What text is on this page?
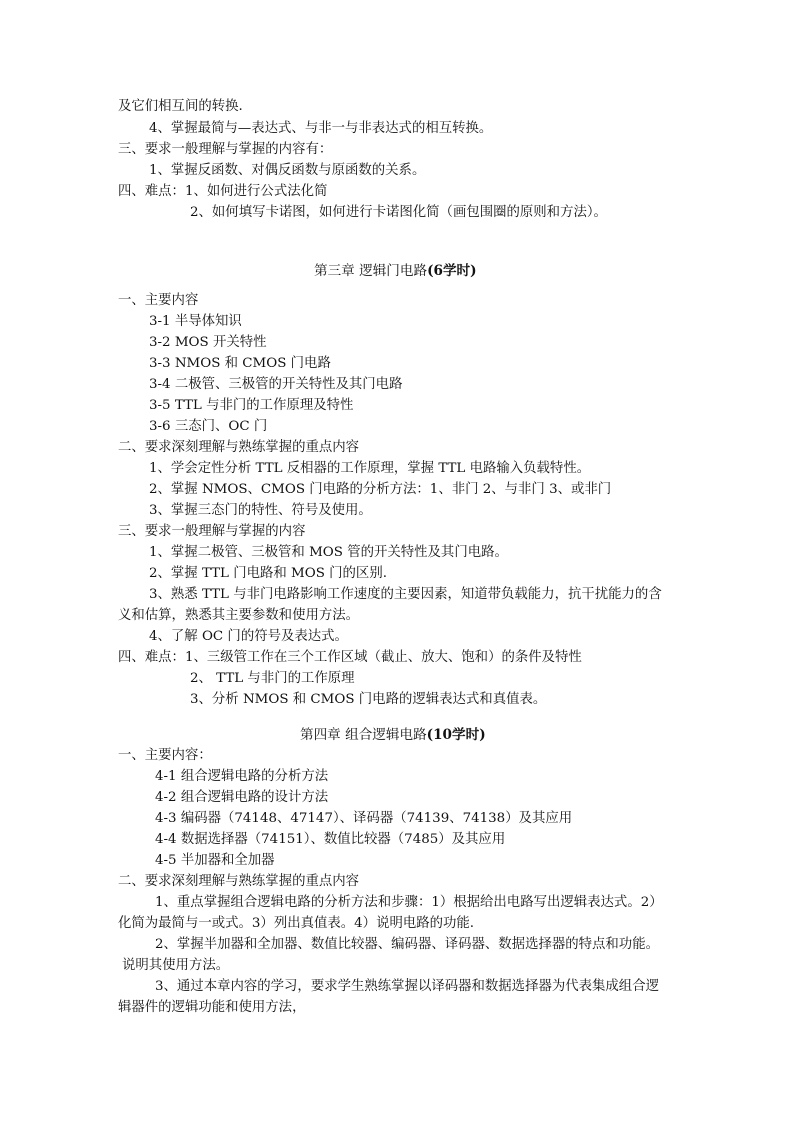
及它们相互间的转换.
4、掌握最简与—表达式、与非一与非表达式的相互转换。
三、要求一般理解与掌握的内容有：
1、掌握反函数、对偶反函数与原函数的关系。
四、难点：1、如何进行公式法化简
2、如何填写卡诺图，如何进行卡诺图化简（画包围圈的原则和方法）。
第三章 逻辑门电路(6学时)
一、主要内容
3-1 半导体知识
3-2 MOS 开关特性
3-3 NMOS 和 CMOS 门电路
3-4 二极管、三极管的开关特性及其门电路
3-5 TTL 与非门的工作原理及特性
3-6 三态门、OC 门
二、要求深刻理解与熟练掌握的重点内容
1、学会定性分析 TTL 反相器的工作原理，掌握 TTL 电路输入负载特性。
2、掌握 NMOS、CMOS 门电路的分析方法：1、非门 2、与非门 3、或非门
3、掌握三态门的特性、符号及使用。
三、要求一般理解与掌握的内容
1、掌握二极管、三极管和 MOS 管的开关特性及其门电路。
2、掌握 TTL 门电路和 MOS 门的区别.
3、熟悉 TTL 与非门电路影响工作速度的主要因素，知道带负载能力，抗干扰能力的含
义和估算，熟悉其主要参数和使用方法。
4、了解 OC 门的符号及表达式。
四、难点：1、三级管工作在三个工作区域（截止、放大、饱和）的条件及特性
2、 TTL 与非门的工作原理
3、分析 NMOS 和 CMOS 门电路的逻辑表达式和真值表。
第四章 组合逻辑电路(10学时)
一、主要内容：
4-1 组合逻辑电路的分析方法
4-2 组合逻辑电路的设计方法
4-3 编码器（74148、47147）、译码器（74139、74138）及其应用
4-4 数据选择器（74151）、数值比较器（7485）及其应用
4-5 半加器和全加器
二、要求深刻理解与熟练掌握的重点内容
1、重点掌握组合逻辑电路的分析方法和步骤：1）根据给出电路写出逻辑表达式。2）
化简为最简与一或式。3）列出真值表。4）说明电路的功能.
2、掌握半加器和全加器、数值比较器、编码器、译码器、数据选择器的特点和功能。
说明其使用方法。
3、通过本章内容的学习，要求学生熟练掌握以译码器和数据选择器为代表集成组合逻
辑器件的逻辑功能和使用方法，
